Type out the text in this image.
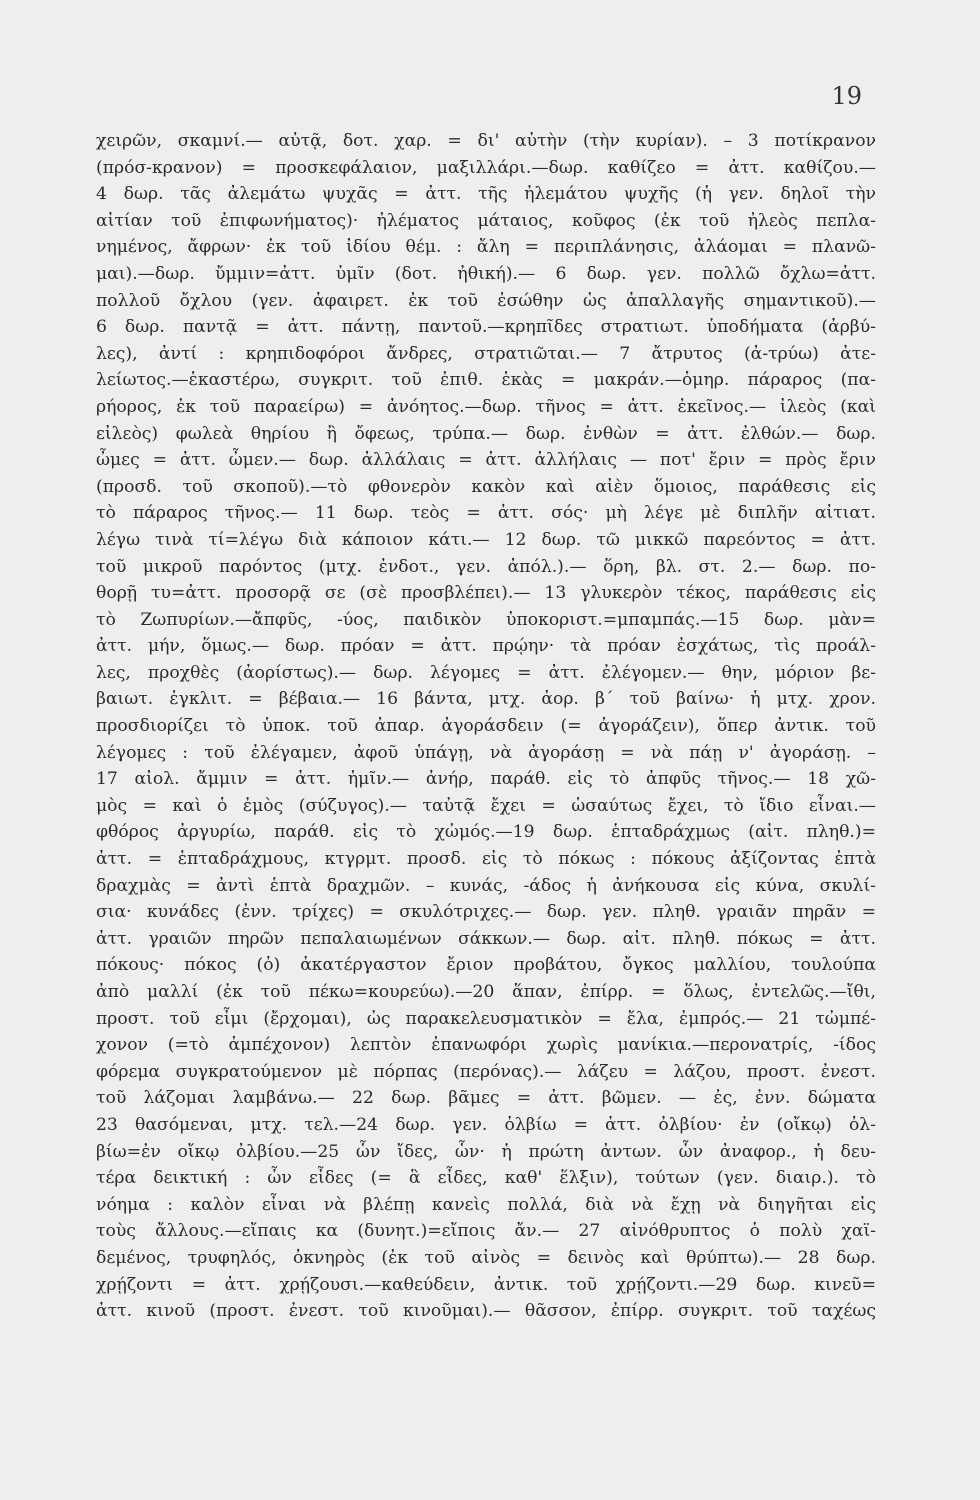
19
χειρῶν, σκαμνί.— αὐτᾷ, δοτ. χαρ. = δι' αὐτὴν (τὴν κυρίαν). – 3 ποτίκρανον
(πρόσ-κρανον) = προσκεφάλαιον, μαξιλλάρι.—δωρ. καθίζεο = ἀττ. καθίζου.—
4 δωρ. τᾶς ἀλεμάτω ψυχᾶς = ἀττ. τῆς ἠλεμάτου ψυχῆς (ἡ γεν. δηλοῖ τὴν
αἰτίαν τοῦ ἐπιφωνήματος)· ἠλέματος μάταιος, κοῦφος (ἐκ τοῦ ἠλεὸς πεπλα-
νημένος, ἄφρων· ἐκ τοῦ ἰδίου θέμ. : ἄλη = περιπλάνησις, ἀλάομαι = πλανῶ-
μαι).—δωρ. ὔμμιν=ἀττ. ὑμῖν (δοτ. ἠθική).— 6 δωρ. γεν. πολλῶ ὄχλω=ἀττ.
πολλοῦ ὄχλου (γεν. ἀφαιρετ. ἐκ τοῦ ἐσώθην ὡς ἀπαλλαγῆς σημαντικοῦ).—
6 δωρ. παντᾷ = ἀττ. πάντῃ, παντοῦ.—κρηπῖδες στρατιωτ. ὑποδήματα (ἀρβύ-
λες), ἀντί : κρηπιδοφόροι ἄνδρες, στρατιῶται.— 7 ἄτρυτος (ἀ-τρύω) ἀτε-
λείωτος.—ἑκαστέρω, συγκριτ. τοῦ ἐπιθ. ἑκὰς = μακράν.—ὁμηρ. πάραρος (πα-
ρήορος, ἐκ τοῦ παραείρω) = ἀνόητος.—δωρ. τῆνος = ἀττ. ἐκεῖνος.— ἰλεὸς (καὶ
εἰλεὸς) φωλεὰ θηρίου ἢ ὄφεως, τρύπα.— δωρ. ἐνθὼν = ἀττ. ἐλθών.— δωρ.
ὦμες = ἀττ. ὦμεν.— δωρ. ἀλλάλαις = ἀττ. ἀλλήλαις — ποτ' ἔριν = πρὸς ἔριν
(προσδ. τοῦ σκοποῦ).—τὸ φθονερὸν κακὸν καὶ αἰὲν ὅμοιος, παράθεσις εἰς
τὸ πάραρος τῆνος.— 11 δωρ. τεὸς = ἀττ. σός· μὴ λέγε μὲ διπλῆν αἰτιατ.
λέγω τινὰ τί=λέγω διὰ κάποιον κάτι.— 12 δωρ. τῶ μικκῶ παρεόντος = ἀττ.
τοῦ μικροῦ παρόντος (μτχ. ἐνδοτ., γεν. ἀπόλ.).— ὅρη, βλ. στ. 2.— δωρ. πο-
θορῇ τυ=ἀττ. προσορᾷ σε (σὲ προσβλέπει).— 13 γλυκερὸν τέκος, παράθεσις εἰς
τὸ Ζωπυρίων.—ἄπφῦς, -ύος, παιδικὸν ὑποκοριστ.=μπαμπάς.—15 δωρ. μὰν=
ἀττ. μήν, ὅμως.— δωρ. πρόαν = ἀττ. πρῴην· τὰ πρόαν ἐσχάτως, τὶς προάλ-
λες, προχθὲς (ἀορίστως).— δωρ. λέγομες = ἀττ. ἐλέγομεν.— θην, μόριον βε-
βαιωτ. ἐγκλιτ. = βέβαια.— 16 βάντα, μτχ. ἀορ. β΄ τοῦ βαίνω· ἡ μτχ. χρον.
προσδιορίζει τὸ ὑποκ. τοῦ ἀπαρ. ἀγοράσδειν (= ἀγοράζειν), ὅπερ ἀντικ. τοῦ
λέγομες : τοῦ ἐλέγαμεν, ἀφοῦ ὑπάγῃ, νὰ ἀγοράσῃ = νὰ πάῃ ν' ἀγοράσῃ. –
17 αἰολ. ἄμμιν = ἀττ. ἡμῖν.— ἀνήρ, παράθ. εἰς τὸ ἀπφῦς τῆνος.— 18 χῶ-
μὸς = καὶ ὁ ἐμὸς (σύζυγος).— ταὐτᾷ ἔχει = ὡσαύτως ἔχει, τὸ ἴδιο εἶναι.—
φθόρος ἀργυρίω, παράθ. εἰς τὸ χὠμός.—19 δωρ. ἑπταδράχμως (αἰτ. πληθ.)=
ἀττ. = ἑπταδράχμους, κτγρμτ. προσδ. εἰς τὸ πόκως : πόκους ἀξίζοντας ἑπτὰ
δραχμὰς = ἀντὶ ἑπτὰ δραχμῶν. – κυνάς, -άδος ἡ ἀνήκουσα εἰς κύνα, σκυλί-
σια· κυνάδες (ἐνν. τρίχες) = σκυλότριχες.— δωρ. γεν. πληθ. γραιᾶν πηρᾶν =
ἀττ. γραιῶν πηρῶν πεπαλαιωμένων σάκκων.— δωρ. αἰτ. πληθ. πόκως = ἀττ.
πόκους· πόκος (ὁ) ἀκατέργαστον ἔριον προβάτου, ὄγκος μαλλίου, τουλούπα
ἀπὸ μαλλί (ἐκ τοῦ πέκω=κουρεύω).—20 ἅπαν, ἐπίρρ. = ὅλως, ἐντελῶς.—ἴθι,
προστ. τοῦ εἶμι (ἔρχομαι), ὡς παρακελευσματικὸν = ἔλα, ἐμπρός.— 21 τὠμπέ-
χονον (=τὸ ἀμπέχονον) λεπτὸν ἐπανωφόρι χωρὶς μανίκια.—περονατρίς, -ίδος
φόρεμα συγκρατούμενον μὲ πόρπας (περόνας).— λάζευ = λάζου, προστ. ἐνεστ.
τοῦ λάζομαι λαμβάνω.— 22 δωρ. βᾶμες = ἀττ. βῶμεν. — ἐς, ἐνν. δώματα
23 θασόμεναι, μτχ. τελ.—24 δωρ. γεν. ὀλβίω = ἀττ. ὀλβίου· ἐν (οἴκῳ) ὀλ-
βίω=ἐν οἴκῳ ὀλβίου.—25 ὧν ἴδες, ὧν· ἡ πρώτη ἀντων. ὧν ἀναφορ., ἡ δευ-
τέρα δεικτική : ὧν εἶδες (= ἃ εἶδες, καθ' ἕλξιν), τούτων (γεν. διαιρ.). τὸ
νόημα : καλὸν εἶναι νὰ βλέπῃ κανεὶς πολλά, διὰ νὰ ἔχῃ νὰ διηγῆται εἰς
τοὺς ἄλλους.—εἴπαις κα (δυνητ.)=εἴποις ἄν.— 27 αἰνόθρυπτος ὁ πολὺ χαϊ-
δεμένος, τρυφηλός, ὀκνηρὸς (ἐκ τοῦ αἰνὸς = δεινὸς καὶ θρύπτω).— 28 δωρ.
χρῄζοντι = ἀττ. χρῄζουσι.—καθεύδειν, ἀντικ. τοῦ χρῄζοντι.—29 δωρ. κινεῦ=
ἀττ. κινοῦ (προστ. ἐνεστ. τοῦ κινοῦμαι).— θᾶσσον, ἐπίρρ. συγκριτ. τοῦ ταχέως
